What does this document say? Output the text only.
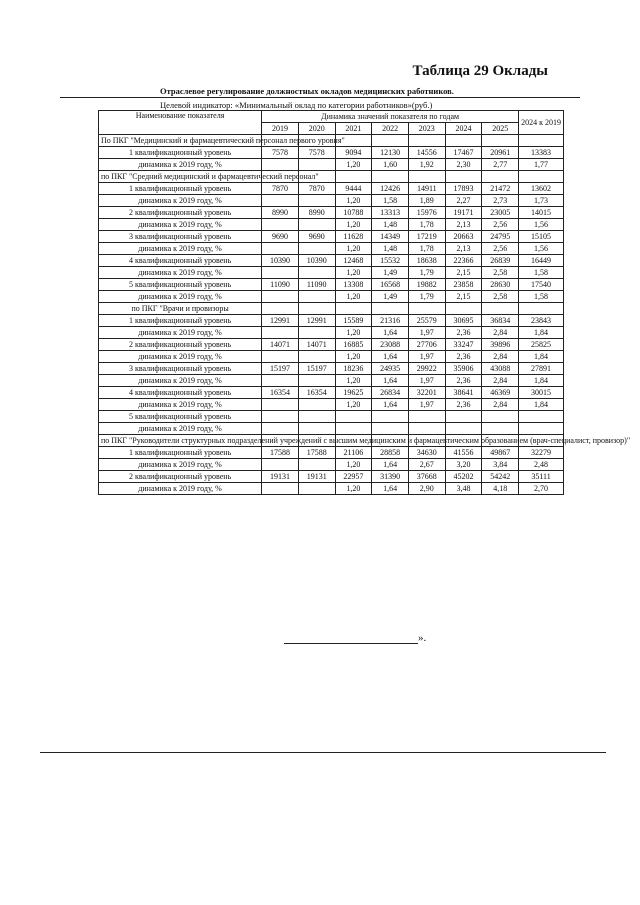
Таблица 29 Оклады
Отраслевое регулирование должностных окладов медицинских работников.
Целевой индикатор: «Минимальный оклад по категории работников»(руб.)
Наименование показателя	Динамика значений показателя по годам							2024 к 2019
	2019	2020	2021	2022	2023	2024	2025	
По ПКГ "Медицинский и фармацевтический персонал первого уровня"								
1 квалификационный уровень	7578	7578	9094	12130	14556	17467	20961	13383
динамика к 2019 году, %			1,20	1,60	1,92	2,30	2,77	1,77
по ПКГ "Средний медицинский и фармацевтический персонал"								
1 квалификационный уровень	7870	7870	9444	12426	14911	17893	21472	13602
динамика к 2019 году, %			1,20	1,58	1,89	2,27	2,73	1,73
2 квалификационный уровень	8990	8990	10788	13313	15976	19171	23005	14015
динамика к 2019 году, %			1,20	1,48	1,78	2,13	2,56	1,56
3 квалификационный уровень	9690	9690	11628	14349	17219	20663	24795	15105
динамика к 2019 году, %			1,20	1,48	1,78	2,13	2,56	1,56
4 квалификационный уровень	10390	10390	12468	15532	18638	22366	26839	16449
динамика к 2019 году, %			1,20	1,49	1,79	2,15	2,58	1,58
5 квалификационный уровень	11090	11090	13308	16568	19882	23858	28630	17540
динамика к 2019 году, %			1,20	1,49	1,79	2,15	2,58	1,58
по ПКГ "Врачи и провизоры								
1 квалификационный уровень	12991	12991	15589	21316	25579	30695	36834	23843
динамика к 2019 году, %			1,20	1,64	1,97	2,36	2,84	1,84
2 квалификационный уровень	14071	14071	16885	23088	27706	33247	39896	25825
динамика к 2019 году, %			1,20	1,64	1,97	2,36	2,84	1,84
3 квалификационный уровень	15197	15197	18236	24935	29922	35906	43088	27891
динамика к 2019 году, %			1,20	1,64	1,97	2,36	2,84	1,84
4 квалификационный уровень	16354	16354	19625	26834	32201	38641	46369	30015
динамика к 2019 году, %			1,20	1,64	1,97	2,36	2,84	1,84
5 квалификационный уровень								
динамика к 2019 году, %								
по ПКГ "Руководители структурных подразделений учреждений с высшим медицинским и фармацевтическим образованием (врач-специалист, провизор)"								
1 квалификационный уровень	17588	17588	21106	28858	34630	41556	49867	32279
динамика к 2019 году, %			1,20	1,64	2,67	3,20	3,84	2,48
2 квалификационный уровень	19131	19131	22957	31390	37668	45202	54242	35111
динамика к 2019 году, %			1,20	1,64	2,90	3,48	4,18	2,70
».
